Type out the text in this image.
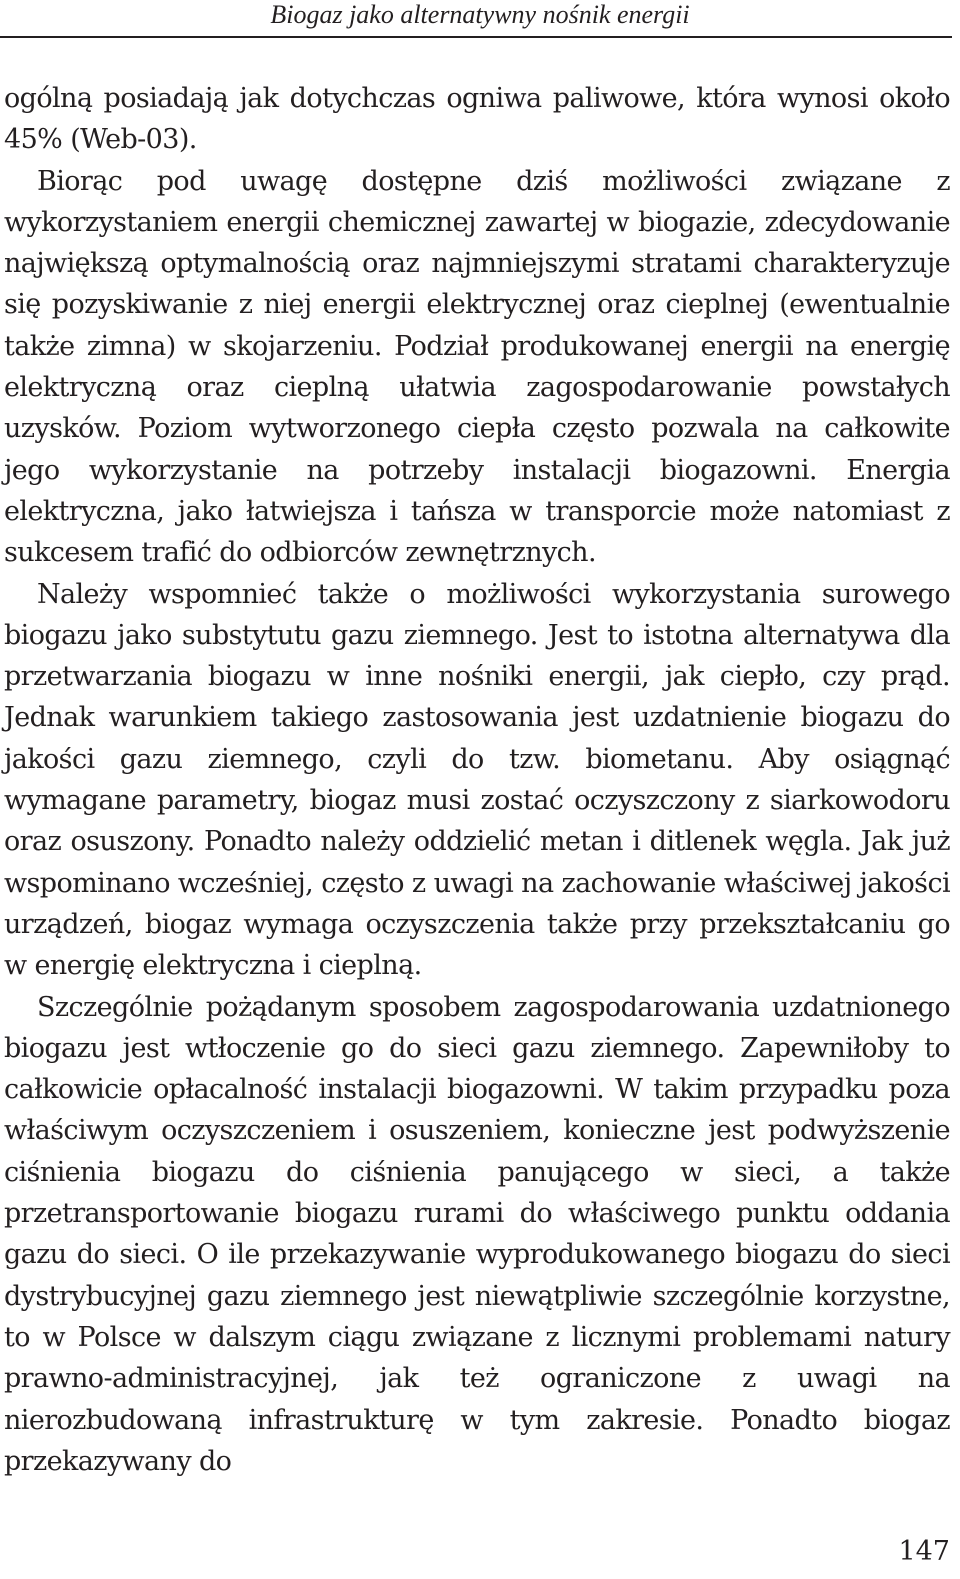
Biogaz jako alternatywny nośnik energii

ogólną posiadają jak dotychczas ogniwa paliwowe, która wynosi około 45% (Web-03).

Biorąc pod uwagę dostępne dziś możliwości związane z wykorzystaniem energii chemicznej zawartej w biogazie, zdecydowanie największą optymalnością oraz najmniejszymi stratami charakteryzuje się pozyskiwanie z niej energii elektrycznej oraz cieplnej (ewentualnie także zimna) w skojarzeniu. Podział produkowanej energii na energię elektryczną oraz cieplną ułatwia zagospodarowanie powstałych uzysków. Poziom wytworzonego ciepła często pozwala na całkowite jego wykorzystanie na potrzeby instalacji biogazowni. Energia elektryczna, jako łatwiejsza i tańsza w transporcie może natomiast z sukcesem trafić do odbiorców zewnętrznych.

Należy wspomnieć także o możliwości wykorzystania surowego biogazu jako substytutu gazu ziemnego. Jest to istotna alternatywa dla przetwarzania biogazu w inne nośniki energii, jak ciepło, czy prąd. Jednak warunkiem takiego zastosowania jest uzdatnienie biogazu do jakości gazu ziemnego, czyli do tzw. biometanu. Aby osiągnąć wymagane parametry, biogaz musi zostać oczyszczony z siarkowodoru oraz osuszony. Ponadto należy oddzielić metan i ditlenek węgla. Jak już wspominano wcześniej, często z uwagi na zachowanie właściwej jakości urządzeń, biogaz wymaga oczyszczenia także przy przekształcaniu go w energię elektryczna i cieplną.

Szczególnie pożądanym sposobem zagospodarowania uzdatnionego biogazu jest wtłoczenie go do sieci gazu ziemnego. Zapewniłoby to całkowicie opłacalność instalacji biogazowni. W takim przypadku poza właściwym oczyszczeniem i osuszeniem, konieczne jest podwyższenie ciśnienia biogazu do ciśnienia panującego w sieci, a także przetransportowanie biogazu rurami do właściwego punktu oddania gazu do sieci. O ile przekazywanie wyprodukowanego biogazu do sieci dystrybucyjnej gazu ziemnego jest niewątpliwie szczególnie korzystne, to w Polsce w dalszym ciągu związane z licznymi problemami natury prawno-administracyjnej, jak też ograniczone z uwagi na nierozbudowaną infrastrukturę w tym zakresie. Ponadto biogaz przekazywany do

147
